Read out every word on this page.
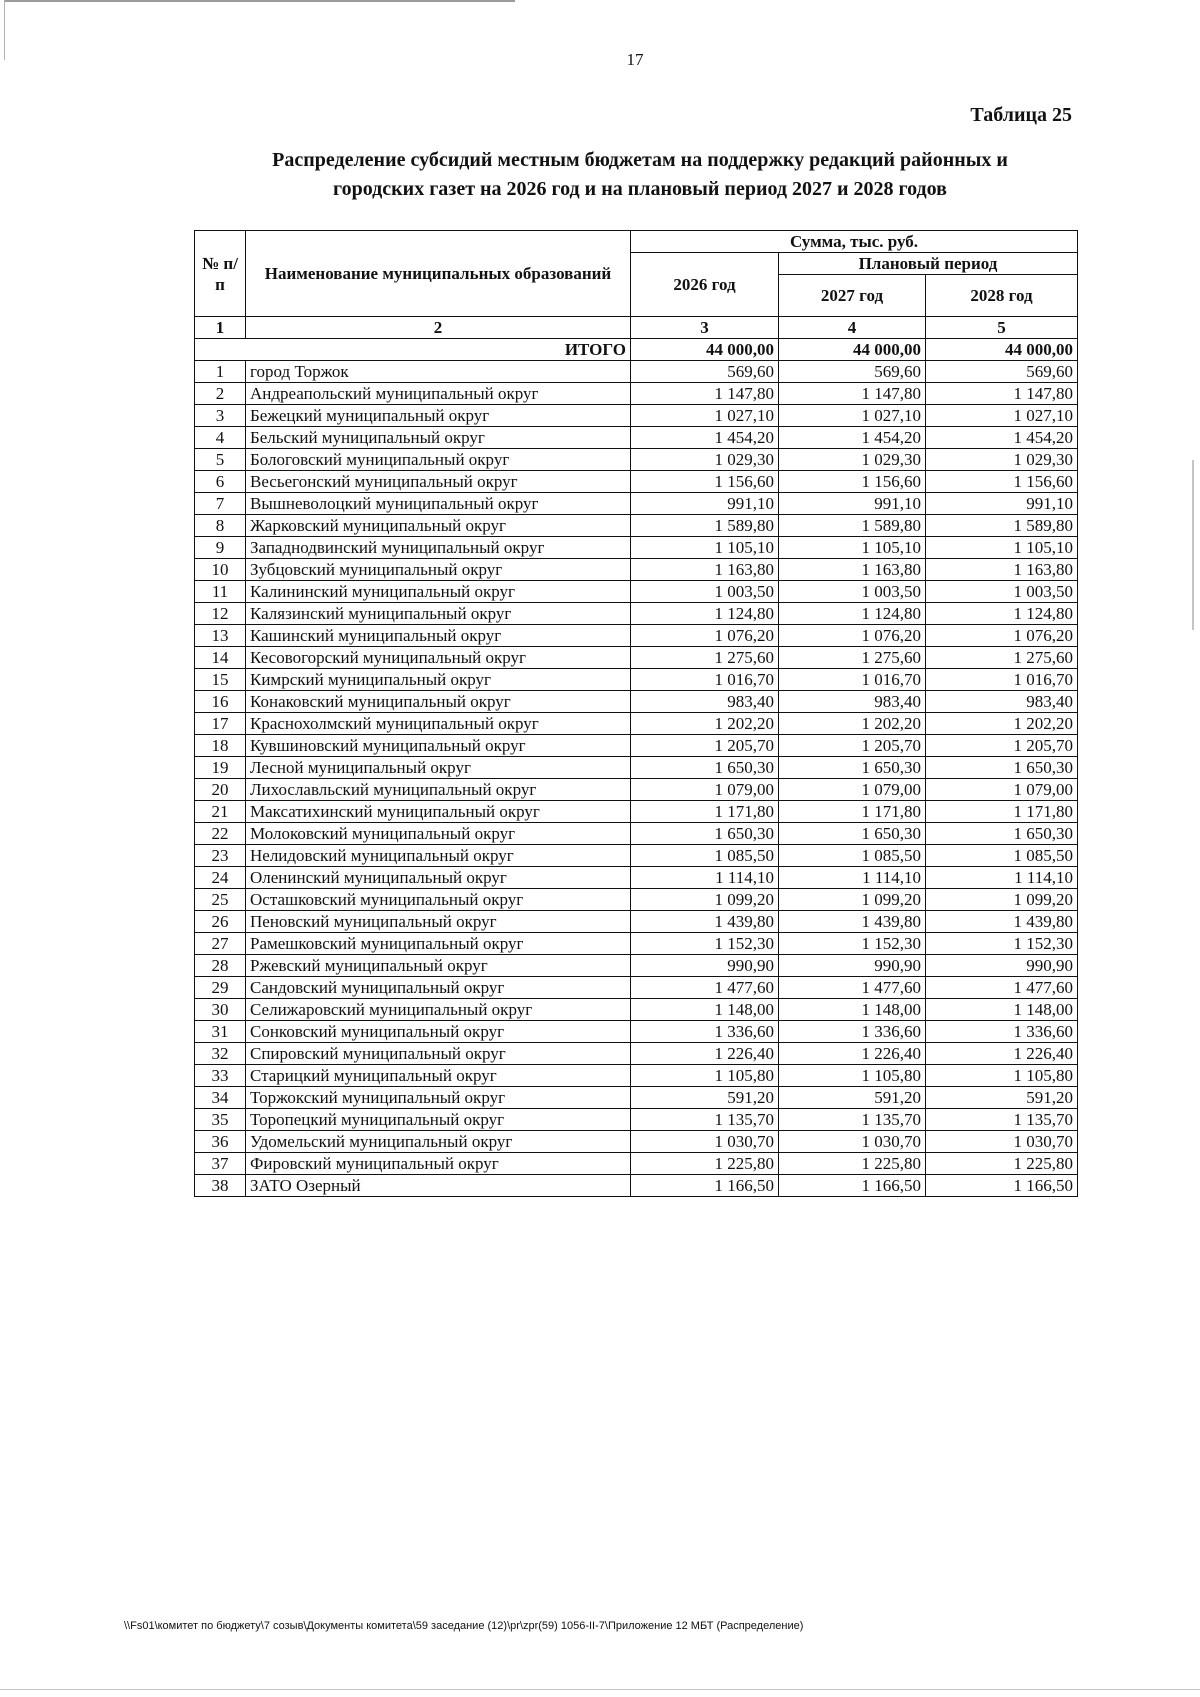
17
Таблица 25
Распределение субсидий местным бюджетам на поддержку редакций районных и
городских газет на 2026 год и на плановый период 2027 и 2028 годов
№ п/п	Наименование муниципальных образований	Сумма, тыс. руб.		
		2026 год	Плановый период	
			2027 год	2028 год
1	2	3	4	5
ИТОГО		44 000,00	44 000,00	44 000,00
1	город Торжок	569,60	569,60	569,60
2	Андреапольский муниципальный округ	1 147,80	1 147,80	1 147,80
3	Бежецкий муниципальный округ	1 027,10	1 027,10	1 027,10
4	Бельский муниципальный округ	1 454,20	1 454,20	1 454,20
5	Бологовский муниципальный округ	1 029,30	1 029,30	1 029,30
6	Весьегонский муниципальный округ	1 156,60	1 156,60	1 156,60
7	Вышневолоцкий муниципальный округ	991,10	991,10	991,10
8	Жарковский муниципальный округ	1 589,80	1 589,80	1 589,80
9	Западнодвинский муниципальный округ	1 105,10	1 105,10	1 105,10
10	Зубцовский муниципальный округ	1 163,80	1 163,80	1 163,80
11	Калининский муниципальный округ	1 003,50	1 003,50	1 003,50
12	Калязинский муниципальный округ	1 124,80	1 124,80	1 124,80
13	Кашинский муниципальный округ	1 076,20	1 076,20	1 076,20
14	Кесовогорский муниципальный округ	1 275,60	1 275,60	1 275,60
15	Кимрский муниципальный округ	1 016,70	1 016,70	1 016,70
16	Конаковский муниципальный округ	983,40	983,40	983,40
17	Краснохолмский муниципальный округ	1 202,20	1 202,20	1 202,20
18	Кувшиновский муниципальный округ	1 205,70	1 205,70	1 205,70
19	Лесной муниципальный округ	1 650,30	1 650,30	1 650,30
20	Лихославльский муниципальный округ	1 079,00	1 079,00	1 079,00
21	Максатихинский муниципальный округ	1 171,80	1 171,80	1 171,80
22	Молоковский муниципальный округ	1 650,30	1 650,30	1 650,30
23	Нелидовский муниципальный округ	1 085,50	1 085,50	1 085,50
24	Оленинский муниципальный округ	1 114,10	1 114,10	1 114,10
25	Осташковский муниципальный округ	1 099,20	1 099,20	1 099,20
26	Пеновский муниципальный округ	1 439,80	1 439,80	1 439,80
27	Рамешковский муниципальный округ	1 152,30	1 152,30	1 152,30
28	Ржевский муниципальный округ	990,90	990,90	990,90
29	Сандовский муниципальный округ	1 477,60	1 477,60	1 477,60
30	Селижаровский муниципальный округ	1 148,00	1 148,00	1 148,00
31	Сонковский муниципальный округ	1 336,60	1 336,60	1 336,60
32	Спировский муниципальный округ	1 226,40	1 226,40	1 226,40
33	Старицкий муниципальный округ	1 105,80	1 105,80	1 105,80
34	Торжокский муниципальный округ	591,20	591,20	591,20
35	Торопецкий муниципальный округ	1 135,70	1 135,70	1 135,70
36	Удомельский муниципальный округ	1 030,70	1 030,70	1 030,70
37	Фировский муниципальный округ	1 225,80	1 225,80	1 225,80
38	ЗАТО Озерный	1 166,50	1 166,50	1 166,50
\\Fs01\комитет по бюджету\7 созыв\Документы комитета\59 заседание (12)\pr\zpr(59) 1056-II-7\Приложение 12 МБТ (Распределение)
